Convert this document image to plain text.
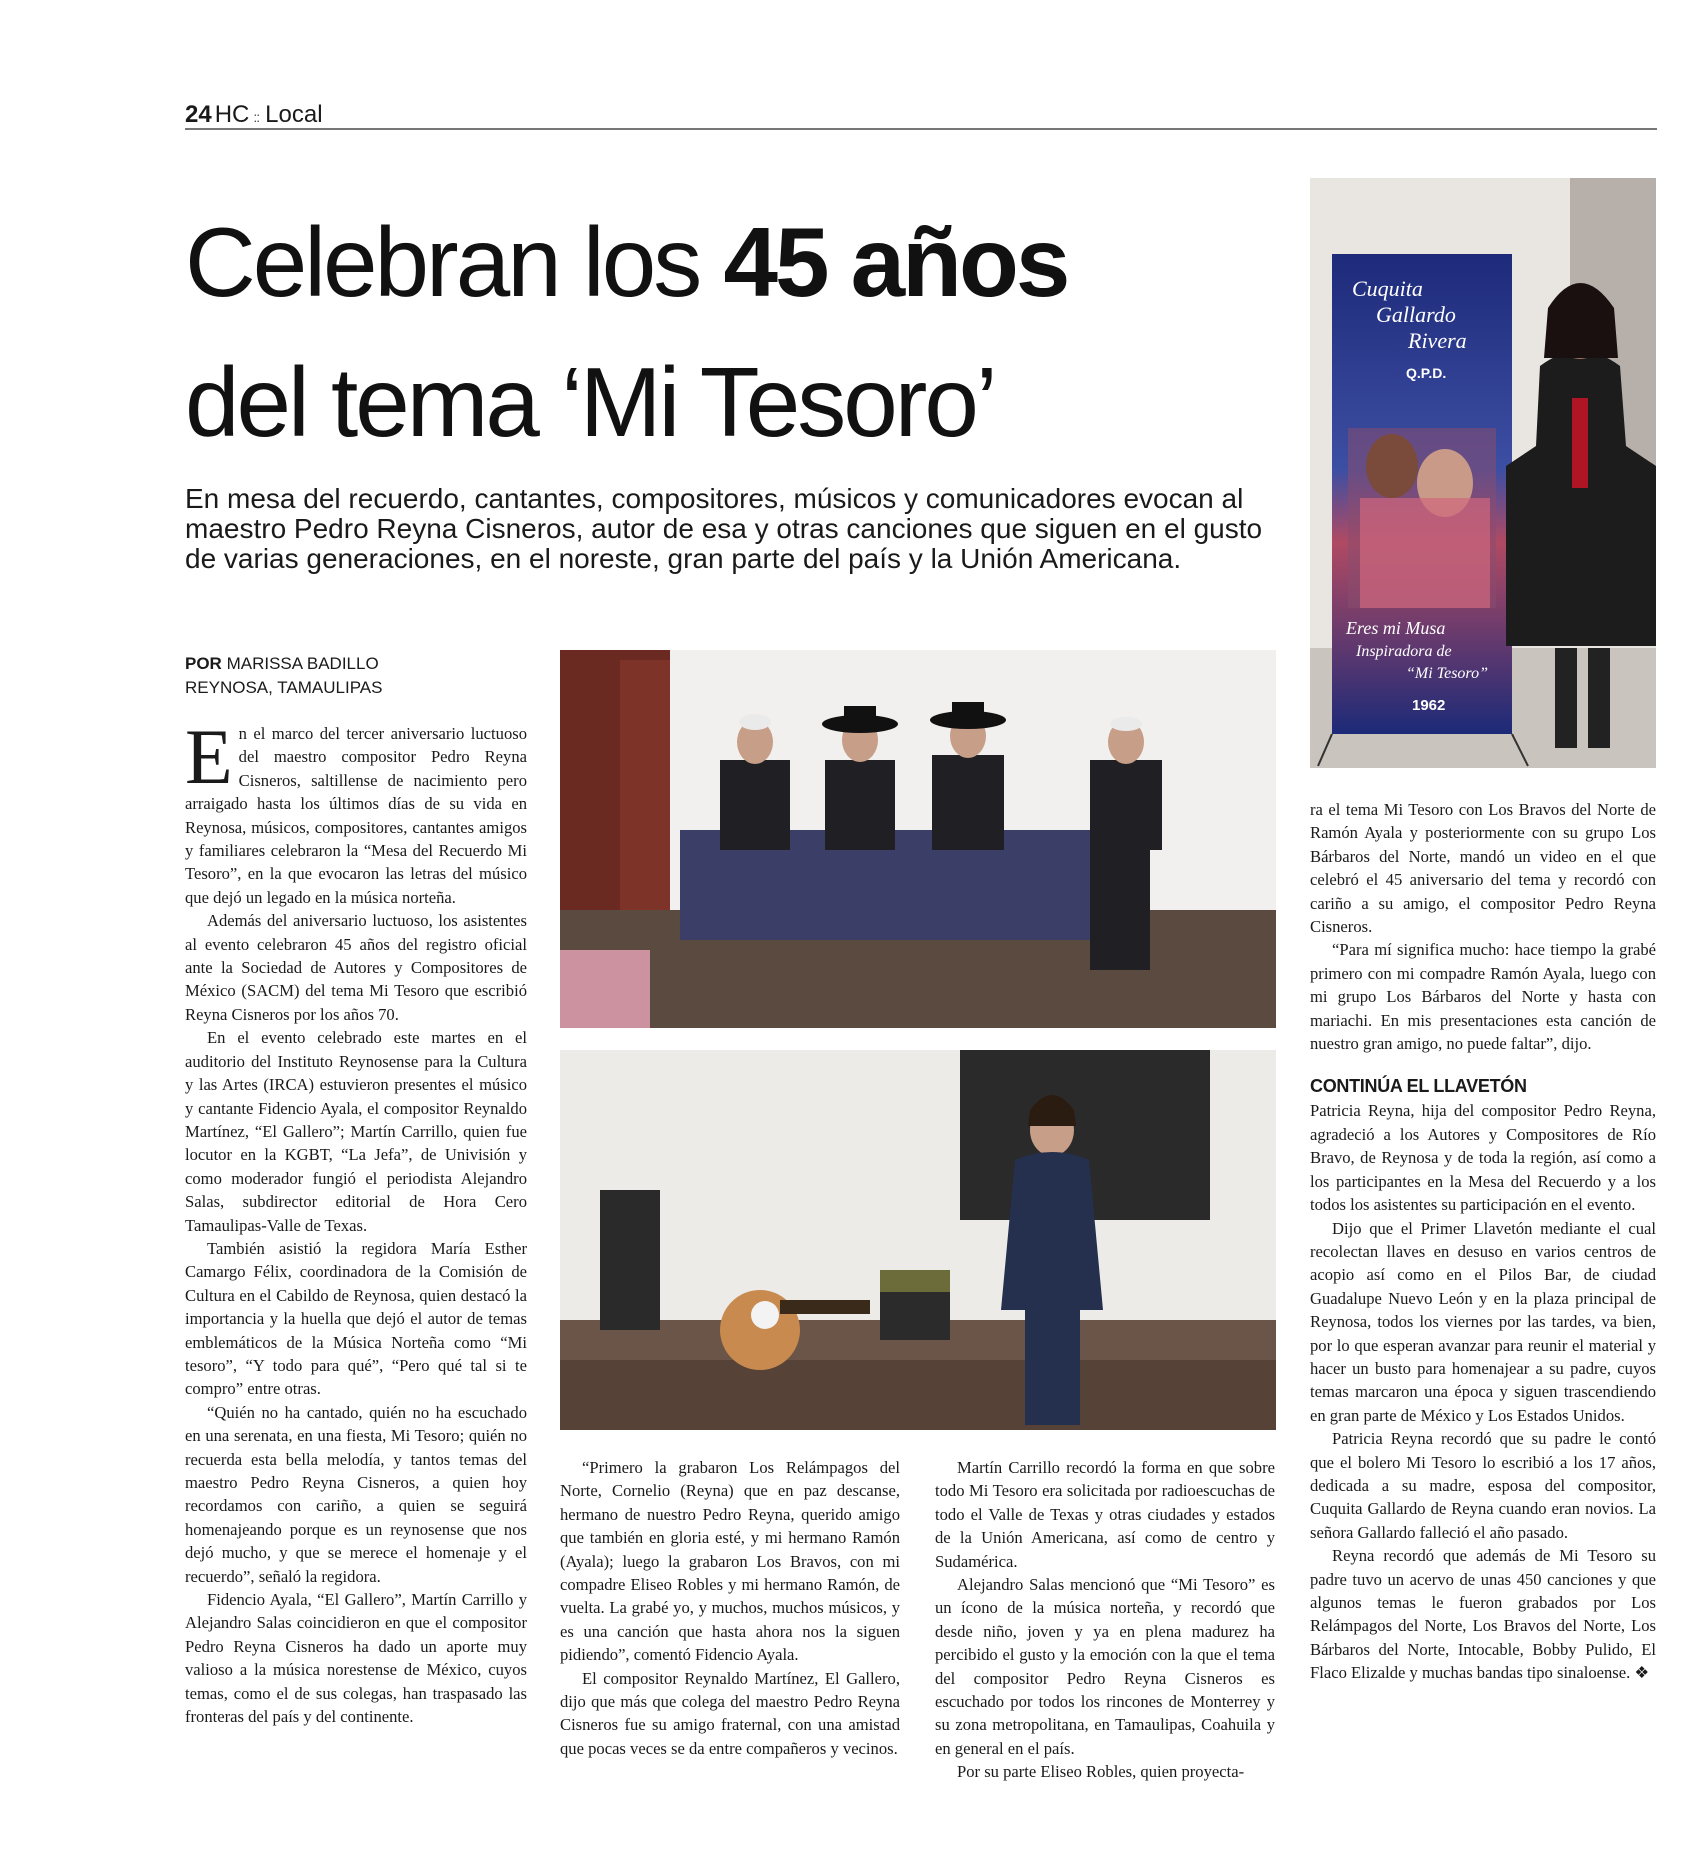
24 HC :: Local
Celebran los 45 años
del tema ‘Mi Tesoro’
En mesa del recuerdo, cantantes, compositores, músicos y comunicadores evocan al maestro Pedro Reyna Cisneros, autor de esa y otras canciones que siguen en el gusto de varias generaciones, en el noreste, gran parte del país y la Unión Americana.
POR MARISSA BADILLO
REYNOSA, TAMAULIPAS
Cuquita
Gallardo
Rivera
Q.P.D.
Eres mi Musa
Inspiradora de
“Mi Tesoro”
1962

En el marco del tercer aniversario luctuoso del maestro compositor Pedro Reyna Cisneros, saltillense de nacimiento pero arraigado hasta los últimos días de su vida en Reynosa, músicos, compositores, cantantes amigos y familiares celebraron la “Mesa del Recuerdo Mi Tesoro”, en la que evocaron las letras del músico que dejó un legado en la música norteña.

Además del aniversario luctuoso, los asistentes al evento celebraron 45 años del registro oficial ante la Sociedad de Autores y Compositores de México (SACM) del tema Mi Tesoro que escribió Reyna Cisneros por los años 70.

En el evento celebrado este martes en el auditorio del Instituto Reynosense para la Cultura y las Artes (IRCA) estuvieron presentes el músico y cantante Fidencio Ayala, el compositor Reynaldo Martínez, “El Gallero”; Martín Carrillo, quien fue locutor en la KGBT, “La Jefa”, de Univisión y como moderador fungió el periodista Alejandro Salas, subdirector editorial de Hora Cero Tamaulipas-Valle de Texas.

También asistió la regidora María Esther Camargo Félix, coordinadora de la Comisión de Cultura en el Cabildo de Reynosa, quien destacó la importancia y la huella que dejó el autor de temas emblemáticos de la Música Norteña como “Mi tesoro”, “Y todo para qué”, “Pero qué tal si te compro” entre otras.

“Quién no ha cantado, quién no ha escuchado en una serenata, en una fiesta, Mi Tesoro; quién no recuerda esta bella melodía, y tantos temas del maestro Pedro Reyna Cisneros, a quien hoy recordamos con cariño, a quien se seguirá homenajeando porque es un reynosense que nos dejó mucho, y que se merece el homenaje y el recuerdo”, señaló la regidora.

Fidencio Ayala, “El Gallero”, Martín Carrillo y Alejandro Salas coincidieron en que el compositor Pedro Reyna Cisneros ha dado un aporte muy valioso a la música norestense de México, cuyos temas, como el de sus colegas, han traspasado las fronteras del país y del continente.

“Primero la grabaron Los Relámpagos del Norte, Cornelio (Reyna) que en paz descanse, hermano de nuestro Pedro Reyna, querido amigo que también en gloria esté, y mi hermano Ramón (Ayala); luego la grabaron Los Bravos, con mi compadre Eliseo Robles y mi hermano Ramón, de vuelta. La grabé yo, y muchos, muchos músicos, y es una canción que hasta ahora nos la siguen pidiendo”, comentó Fidencio Ayala.

El compositor Reynaldo Martínez, El Gallero, dijo que más que colega del maestro Pedro Reyna Cisneros fue su amigo fraternal, con una amistad que pocas veces se da entre compañeros y vecinos.

Martín Carrillo recordó la forma en que sobre todo Mi Tesoro era solicitada por radioescuchas de todo el Valle de Texas y otras ciudades y estados de la Unión Americana, así como de centro y Sudamérica.

Alejandro Salas mencionó que “Mi Tesoro” es un ícono de la música norteña, y recordó que desde niño, joven y ya en plena madurez ha percibido el gusto y la emoción con la que el tema del compositor Pedro Reyna Cisneros es escuchado por todos los rincones de Monterrey y su zona metropolitana, en Tamaulipas, Coahuila y en general en el país.

Por su parte Eliseo Robles, quien proyecta-

ra el tema Mi Tesoro con Los Bravos del Norte de Ramón Ayala y posteriormente con su grupo Los Bárbaros del Norte, mandó un video en el que celebró el 45 aniversario del tema y recordó con cariño a su amigo, el compositor Pedro Reyna Cisneros.

“Para mí significa mucho: hace tiempo la grabé primero con mi compadre Ramón Ayala, luego con mi grupo Los Bárbaros del Norte y hasta con mariachi. En mis presentaciones esta canción de nuestro gran amigo, no puede faltar”, dijo.

CONTINÚA EL LLAVETÓN

Patricia Reyna, hija del compositor Pedro Reyna, agradeció a los Autores y Compositores de Río Bravo, de Reynosa y de toda la región, así como a los participantes en la Mesa del Recuerdo y a los todos los asistentes su participación en el evento.

Dijo que el Primer Llavetón mediante el cual recolectan llaves en desuso en varios centros de acopio así como en el Pilos Bar, de ciudad Guadalupe Nuevo León y en la plaza principal de Reynosa, todos los viernes por las tardes, va bien, por lo que esperan avanzar para reunir el material y hacer un busto para homenajear a su padre, cuyos temas marcaron una época y siguen trascendiendo en gran parte de México y Los Estados Unidos.

Patricia Reyna recordó que su padre le contó que el bolero Mi Tesoro lo escribió a los 17 años, dedicada a su madre, esposa del compositor, Cuquita Gallardo de Reyna cuando eran novios. La señora Gallardo falleció el año pasado.

Reyna recordó que además de Mi Tesoro su padre tuvo un acervo de unas 450 canciones y que algunos temas le fueron grabados por Los Relámpagos del Norte, Los Bravos del Norte, Los Bárbaros del Norte, Intocable, Bobby Pulido, El Flaco Elizalde y muchas bandas tipo sinaloense. ❖
